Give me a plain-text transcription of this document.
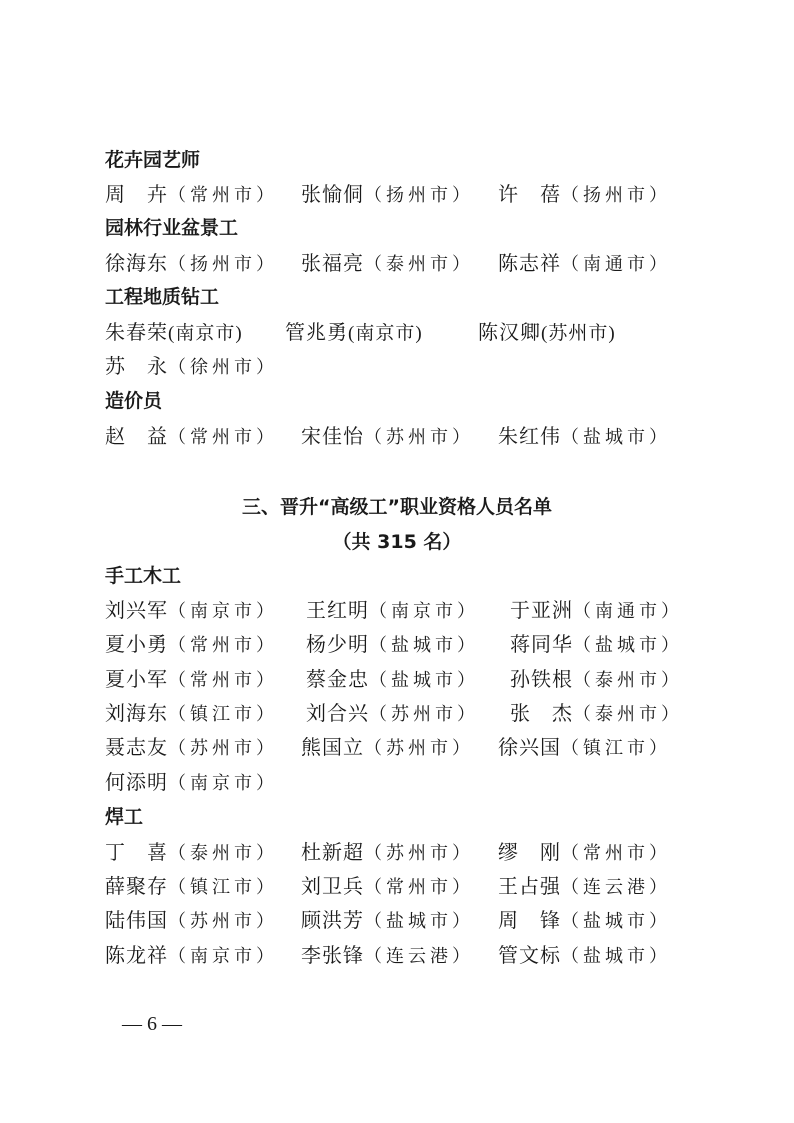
花卉园艺师
周　卉（常州市） 张愉侗（扬州市） 许　蓓（扬州市）
园林行业盆景工
徐海东（扬州市） 张福亮（泰州市） 陈志祥（南通市）
工程地质钻工
朱春荣(南京市) 管兆勇(南京市)	陈汉卿(苏州市)
苏　永（徐州市）
造价员
赵　益（常州市） 宋佳怡（苏州市） 朱红伟（盐城市）
三、晋升“高级工”职业资格人员名单
（共 315 名）
手工木工
刘兴军（南京市） 王红明（南京市） 于亚洲（南通市）
夏小勇（常州市） 杨少明（盐城市） 蒋同华（盐城市）
夏小军（常州市） 蔡金忠（盐城市） 孙铁根（泰州市）
刘海东（镇江市） 刘合兴（苏州市） 张　杰（泰州市）
聂志友（苏州市） 熊国立（苏州市） 徐兴国（镇江市）
何添明（南京市）
焊工
丁　喜（泰州市） 杜新超（苏州市） 缪　刚（常州市）
薛聚存（镇江市） 刘卫兵（常州市） 王占强（连云港）
陆伟国（苏州市） 顾洪芳（盐城市） 周　锋（盐城市）
陈龙祥（南京市） 李张锋（连云港） 管文标（盐城市）
— 6 —
